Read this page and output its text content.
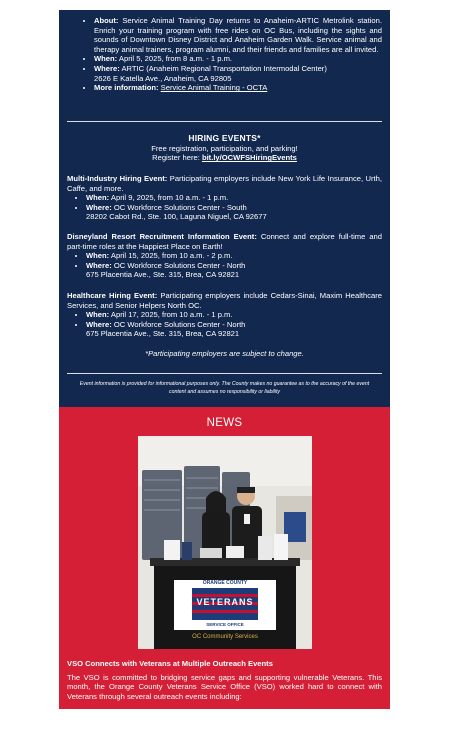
• About: Service Animal Training Day returns to Anaheim-ARTIC Metrolink station. Enrich your training program with free rides on OC Bus, including the sights and sounds of Downtown Disney District and Anaheim Garden Walk. Service animal and therapy animal trainers, program alumni, and their friends and families are all invited.
• When: April 5, 2025, from 8 a.m. - 1 p.m.
• Where: ARTIC (Anaheim Regional Transportation Intermodal Center)
2626 E Katella Ave., Anaheim, CA 92805
• More information: Service Animal Training - OCTA
HIRING EVENTS*
Free registration, participation, and parking!
Register here: bit.ly/OCWFSHiringEvents
Multi-Industry Hiring Event: Participating employers include New York Life Insurance, Urth, Caffe, and more.
• When: April 9, 2025, from 10 a.m. - 1 p.m.
• Where: OC Workforce Solutions Center - South
28202 Cabot Rd., Ste. 100, Laguna Niguel, CA 92677
Disneyland Resort Recruitment Information Event: Connect and explore full-time and part-time roles at the Happiest Place on Earth!
• When: April 15, 2025, from 10 a.m. - 2 p.m.
• Where: OC Workforce Solutions Center - North
675 Placentia Ave., Ste. 315, Brea, CA 92821
Healthcare Hiring Event: Participating employers include Cedars-Sinai, Maxim Healthcare Services, and Senior Helpers North OC.
• When: April 17, 2025, from 10 a.m. - 1 p.m.
• Where: OC Workforce Solutions Center - North
675 Placentia Ave., Ste. 315, Brea, CA 92821
*Participating employers are subject to change.
Event information is provided for informational purposes only. The County makes no guarantee as to the accuracy of the event content and assumes no responsibility or liability
NEWS
ORANGE COUNTY
VETERANS
SERVICE OFFICE
OC Community Services
VSO Connects with Veterans at Multiple Outreach Events
The VSO is committed to bridging service gaps and supporting vulnerable Veterans. This month, the Orange County Veterans Service Office (VSO) worked hard to connect with Veterans through several outreach events including:
